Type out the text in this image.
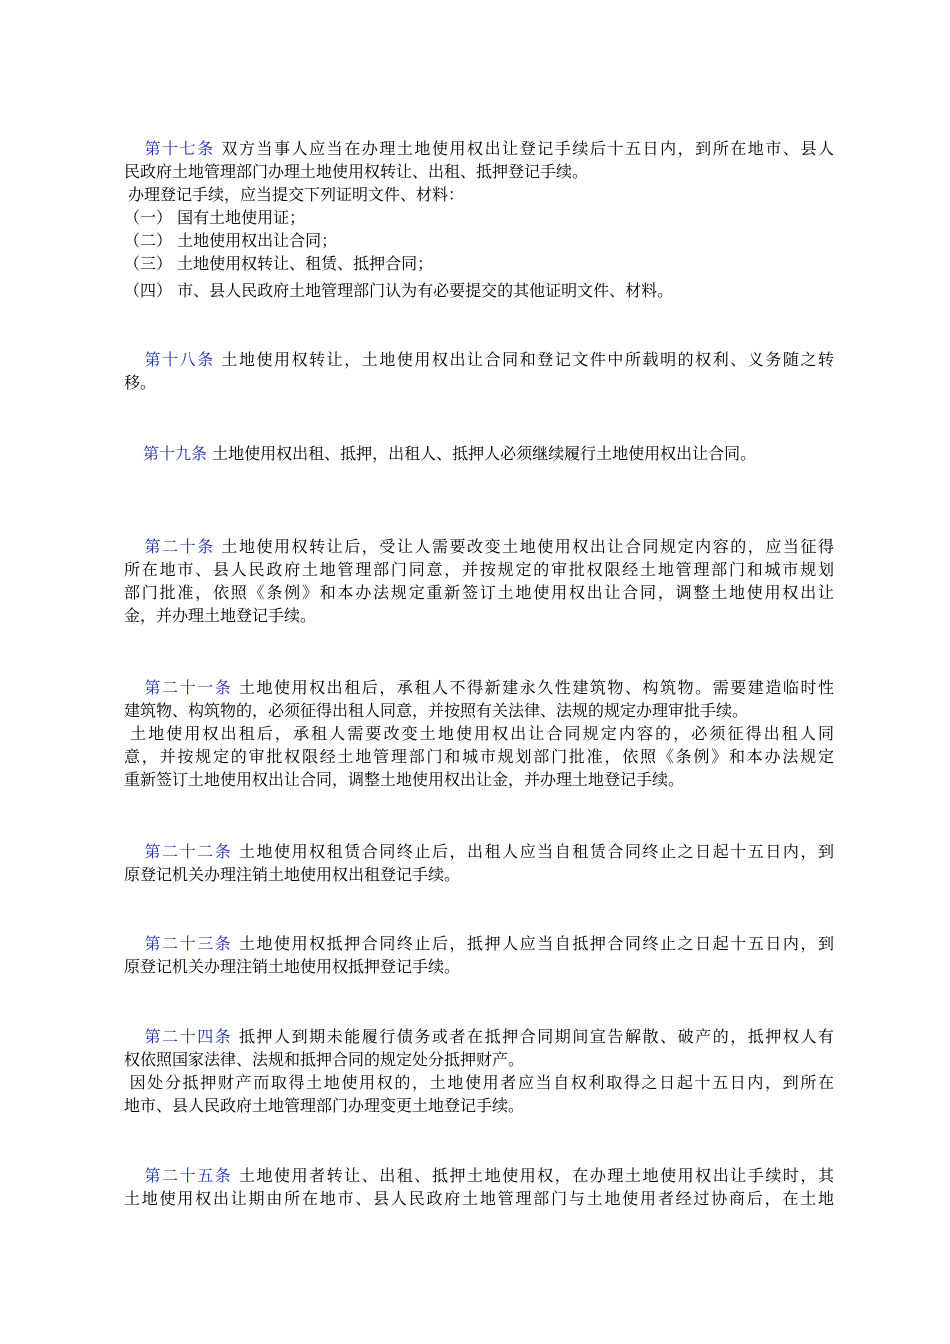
第十七条 双方当事人应当在办理土地使用权出让登记手续后十五日内，到所在地市、县人
民政府土地管理部门办理土地使用权转让、出租、抵押登记手续。
办理登记手续，应当提交下列证明文件、材料：
（一） 国有土地使用证；
（二） 土地使用权出让合同；
（三） 土地使用权转让、租赁、抵押合同；
（四） 市、县人民政府土地管理部门认为有必要提交的其他证明文件、材料。
第十八条 土地使用权转让，土地使用权出让合同和登记文件中所载明的权利、义务随之转
移。
第十九条 土地使用权出租、抵押，出租人、抵押人必须继续履行土地使用权出让合同。
第二十条 土地使用权转让后，受让人需要改变土地使用权出让合同规定内容的，应当征得
所在地市、县人民政府土地管理部门同意，并按规定的审批权限经土地管理部门和城市规划
部门批准，依照《条例》和本办法规定重新签订土地使用权出让合同，调整土地使用权出让
金，并办理土地登记手续。
第二十一条 土地使用权出租后，承租人不得新建永久性建筑物、构筑物。需要建造临时性
建筑物、构筑物的，必须征得出租人同意，并按照有关法律、法规的规定办理审批手续。
土地使用权出租后，承租人需要改变土地使用权出让合同规定内容的，必须征得出租人同
意，并按规定的审批权限经土地管理部门和城市规划部门批准，依照《条例》和本办法规定
重新签订土地使用权出让合同，调整土地使用权出让金，并办理土地登记手续。
第二十二条 土地使用权租赁合同终止后，出租人应当自租赁合同终止之日起十五日内，到
原登记机关办理注销土地使用权出租登记手续。
第二十三条 土地使用权抵押合同终止后，抵押人应当自抵押合同终止之日起十五日内，到
原登记机关办理注销土地使用权抵押登记手续。
第二十四条 抵押人到期未能履行债务或者在抵押合同期间宣告解散、破产的，抵押权人有
权依照国家法律、法规和抵押合同的规定处分抵押财产。
因处分抵押财产而取得土地使用权的，土地使用者应当自权利取得之日起十五日内，到所在
地市、县人民政府土地管理部门办理变更土地登记手续。
第二十五条 土地使用者转让、出租、抵押土地使用权，在办理土地使用权出让手续时，其
土地使用权出让期由所在地市、县人民政府土地管理部门与土地使用者经过协商后，在土地
